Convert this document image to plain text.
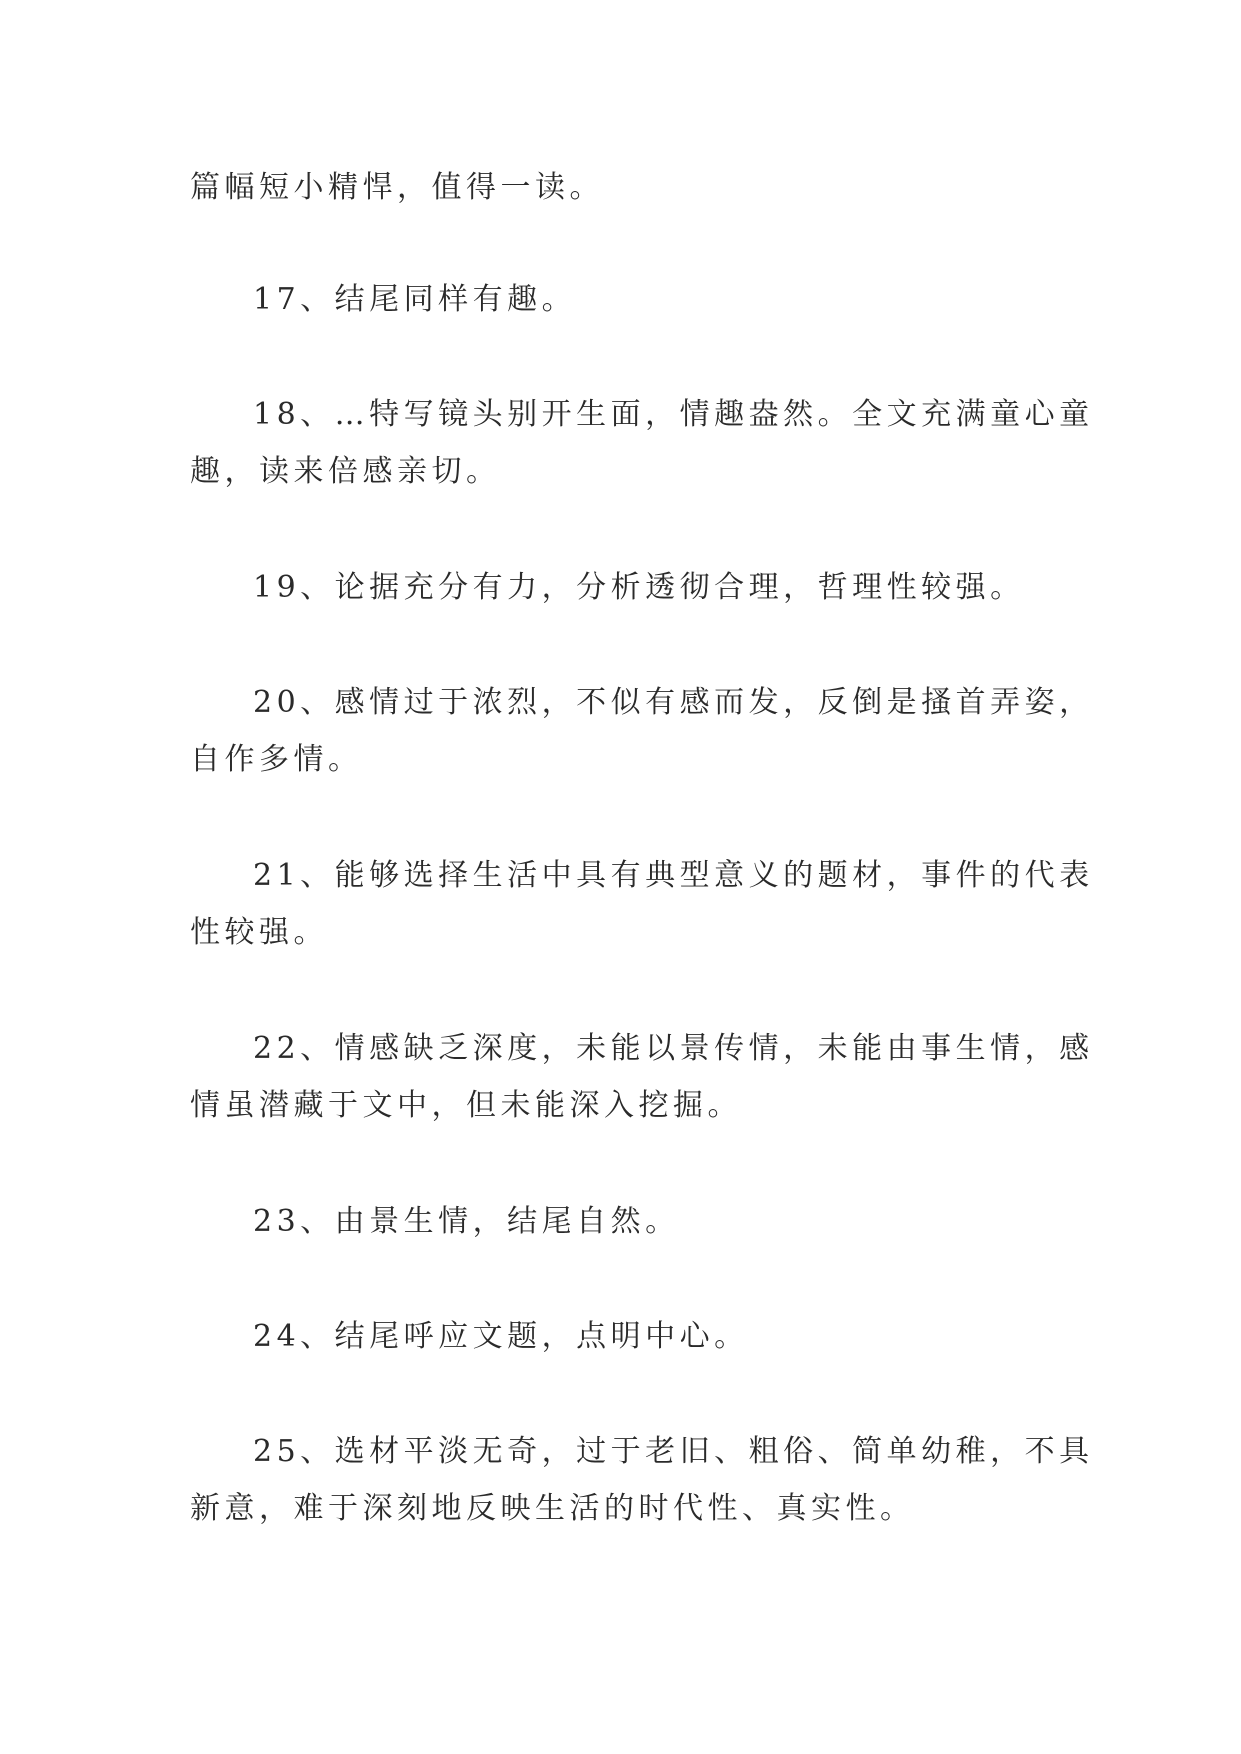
篇幅短小精悍，值得一读。

17、结尾同样有趣。

18、…特写镜头别开生面，情趣盎然。全文充满童心童
趣，读来倍感亲切。

19、论据充分有力，分析透彻合理，哲理性较强。

20、感情过于浓烈，不似有感而发，反倒是搔首弄姿，
自作多情。

21、能够选择生活中具有典型意义的题材，事件的代表
性较强。

22、情感缺乏深度，未能以景传情，未能由事生情，感
情虽潜藏于文中，但未能深入挖掘。

23、由景生情，结尾自然。

24、结尾呼应文题，点明中心。

25、选材平淡无奇，过于老旧、粗俗、简单幼稚，不具
新意，难于深刻地反映生活的时代性、真实性。
